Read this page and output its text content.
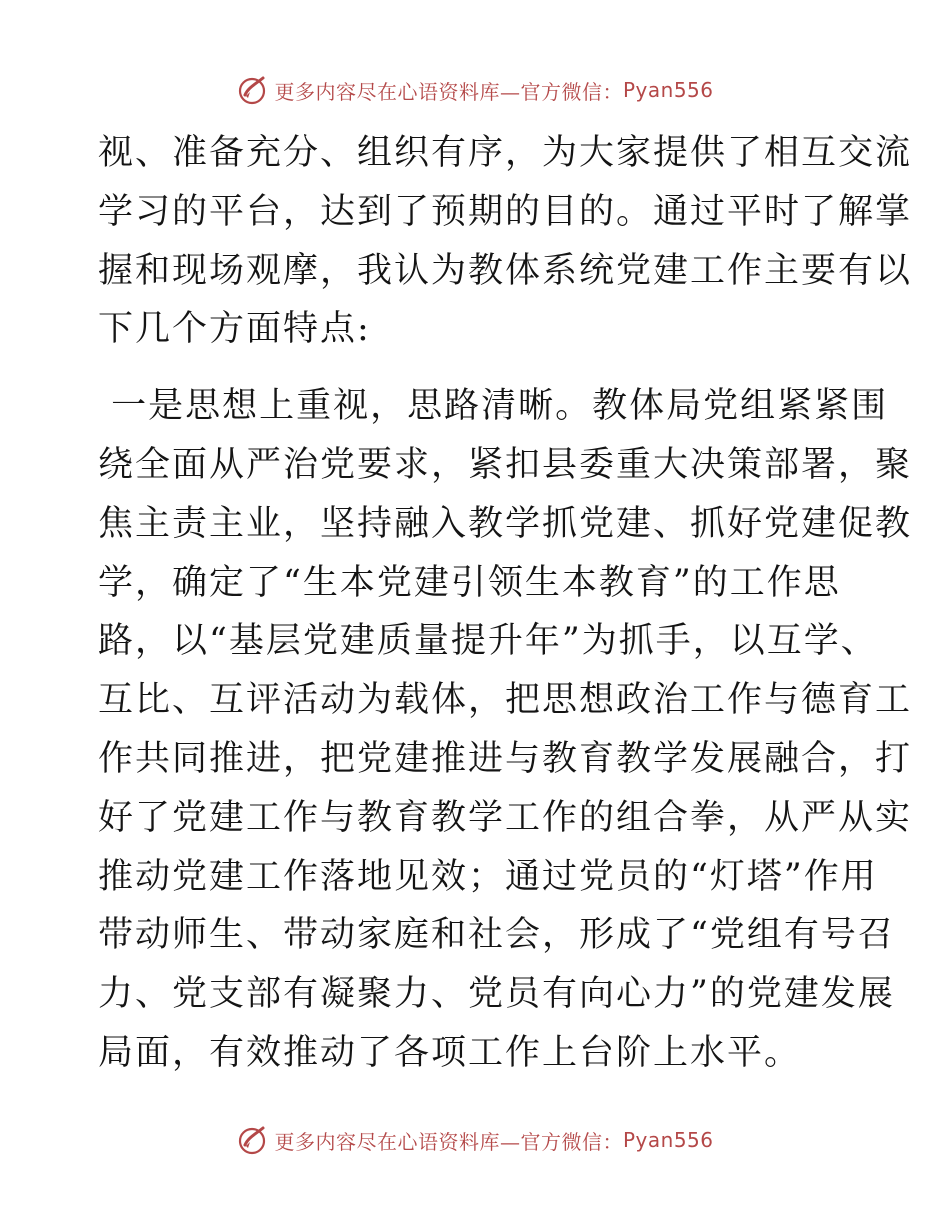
更多内容尽在心语资料库—官方微信： Pyan556

视、准备充分、组织有序，为大家提供了相互交流
学习的平台，达到了预期的目的。通过平时了解掌
握和现场观摩，我认为教体系统党建工作主要有以
下几个方面特点:

一是思想上重视，思路清晰。教体局党组紧紧围
绕全面从严治党要求，紧扣县委重大决策部署，聚
焦主责主业，坚持融入教学抓党建、抓好党建促教
学，确定了“生本党建引领生本教育”的工作思
路，以“基层党建质量提升年”为抓手，以互学、
互比、互评活动为载体，把思想政治工作与德育工
作共同推进，把党建推进与教育教学发展融合，打
好了党建工作与教育教学工作的组合拳，从严从实
推动党建工作落地见效；通过党员的“灯塔”作用
带动师生、带动家庭和社会，形成了“党组有号召
力、党支部有凝聚力、党员有向心力”的党建发展
局面，有效推动了各项工作上台阶上水平。

更多内容尽在心语资料库—官方微信： Pyan556
